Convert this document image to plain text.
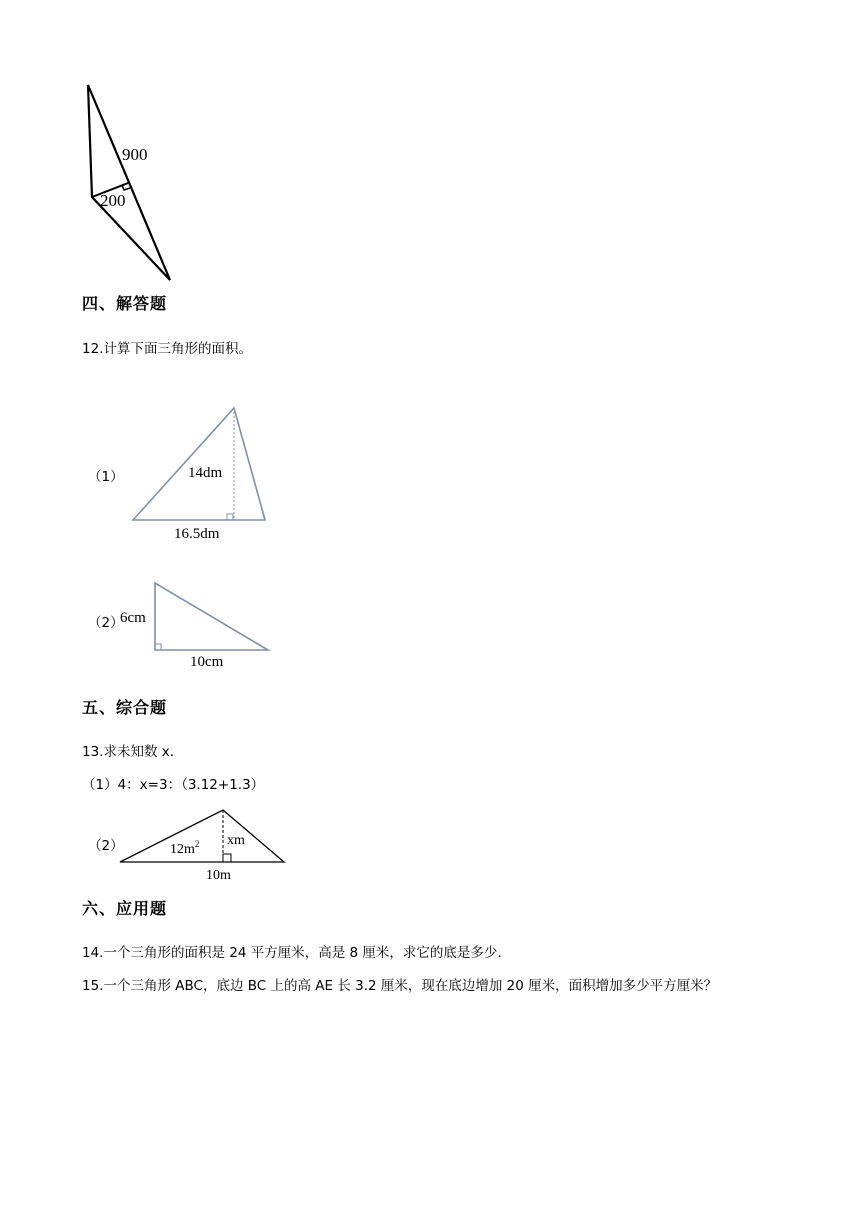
900
200
四、解答题
12.计算下面三角形的面积。
（1）	14dm
16.5dm
（2）
6cm
10cm
五、综合题
13.求未知数 x.
（1）4：x=3：（3.12+1.3）
（2）	$12m^2$ xm
10m
六、应用题
14.一个三角形的面积是 24 平方厘米，高是 8 厘米，求它的底是多少.
15.一个三角形 ABC，底边 BC 上的高 AE 长 3.2 厘米，现在底边增加 20 厘米，面积增加多少平方厘米？
